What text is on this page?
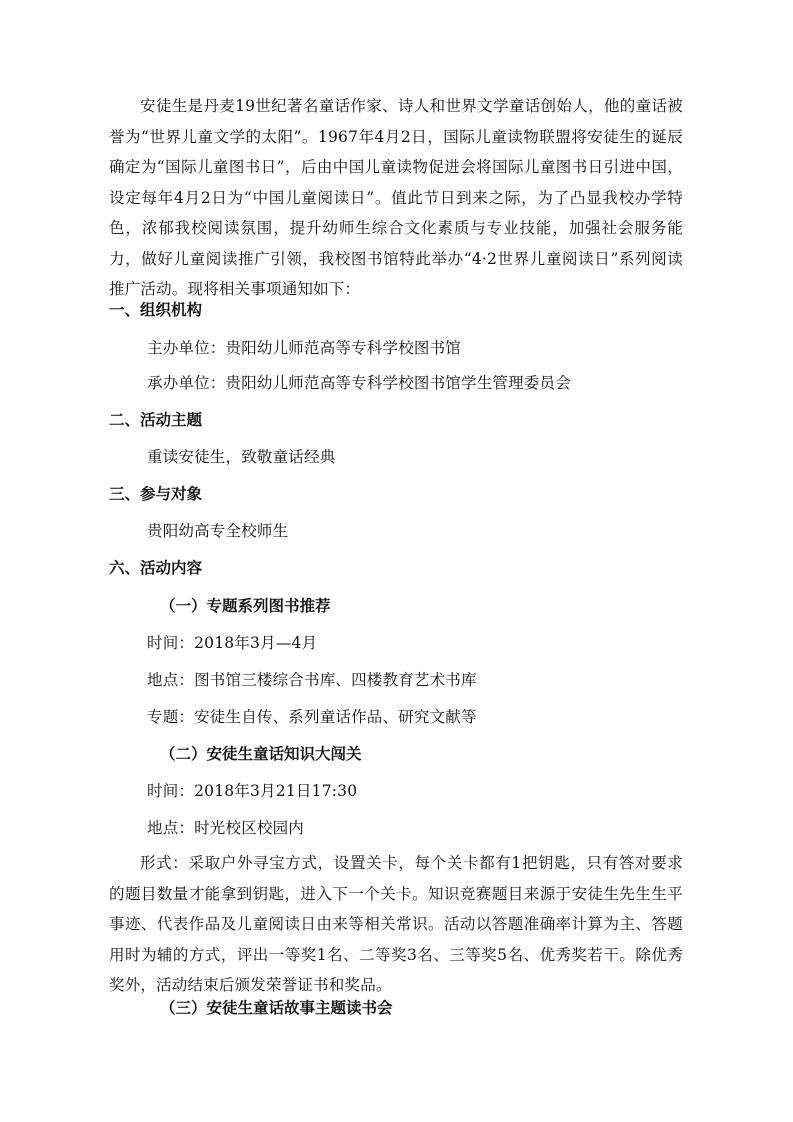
安徒生是丹麦19世纪著名童话作家、诗人和世界文学童话创始人，他的童话被誉为“世界儿童文学的太阳”。1967年4月2日，国际儿童读物联盟将安徒生的诞辰确定为“国际儿童图书日”，后由中国儿童读物促进会将国际儿童图书日引进中国，设定每年4月2日为“中国儿童阅读日”。值此节日到来之际，为了凸显我校办学特色，浓郁我校阅读氛围，提升幼师生综合文化素质与专业技能，加强社会服务能力，做好儿童阅读推广引领，我校图书馆特此举办“4·2世界儿童阅读日”系列阅读推广活动。现将相关事项通知如下：

一、组织机构
主办单位：贵阳幼儿师范高等专科学校图书馆
承办单位：贵阳幼儿师范高等专科学校图书馆学生管理委员会
二、活动主题
重读安徒生，致敬童话经典
三、参与对象
贵阳幼高专全校师生
六、活动内容
（一）专题系列图书推荐
时间：2018年3月—4月
地点：图书馆三楼综合书库、四楼教育艺术书库
专题：安徒生自传、系列童话作品、研究文献等
（二）安徒生童话知识大闯关
时间：2018年3月21日17:30
地点：时光校区校园内

形式：采取户外寻宝方式，设置关卡，每个关卡都有1把钥匙，只有答对要求的题目数量才能拿到钥匙，进入下一个关卡。知识竞赛题目来源于安徒生先生生平事迹、代表作品及儿童阅读日由来等相关常识。活动以答题准确率计算为主、答题用时为辅的方式，评出一等奖1名、二等奖3名、三等奖5名、优秀奖若干。除优秀奖外，活动结束后颁发荣誉证书和奖品。

（三）安徒生童话故事主题读书会
